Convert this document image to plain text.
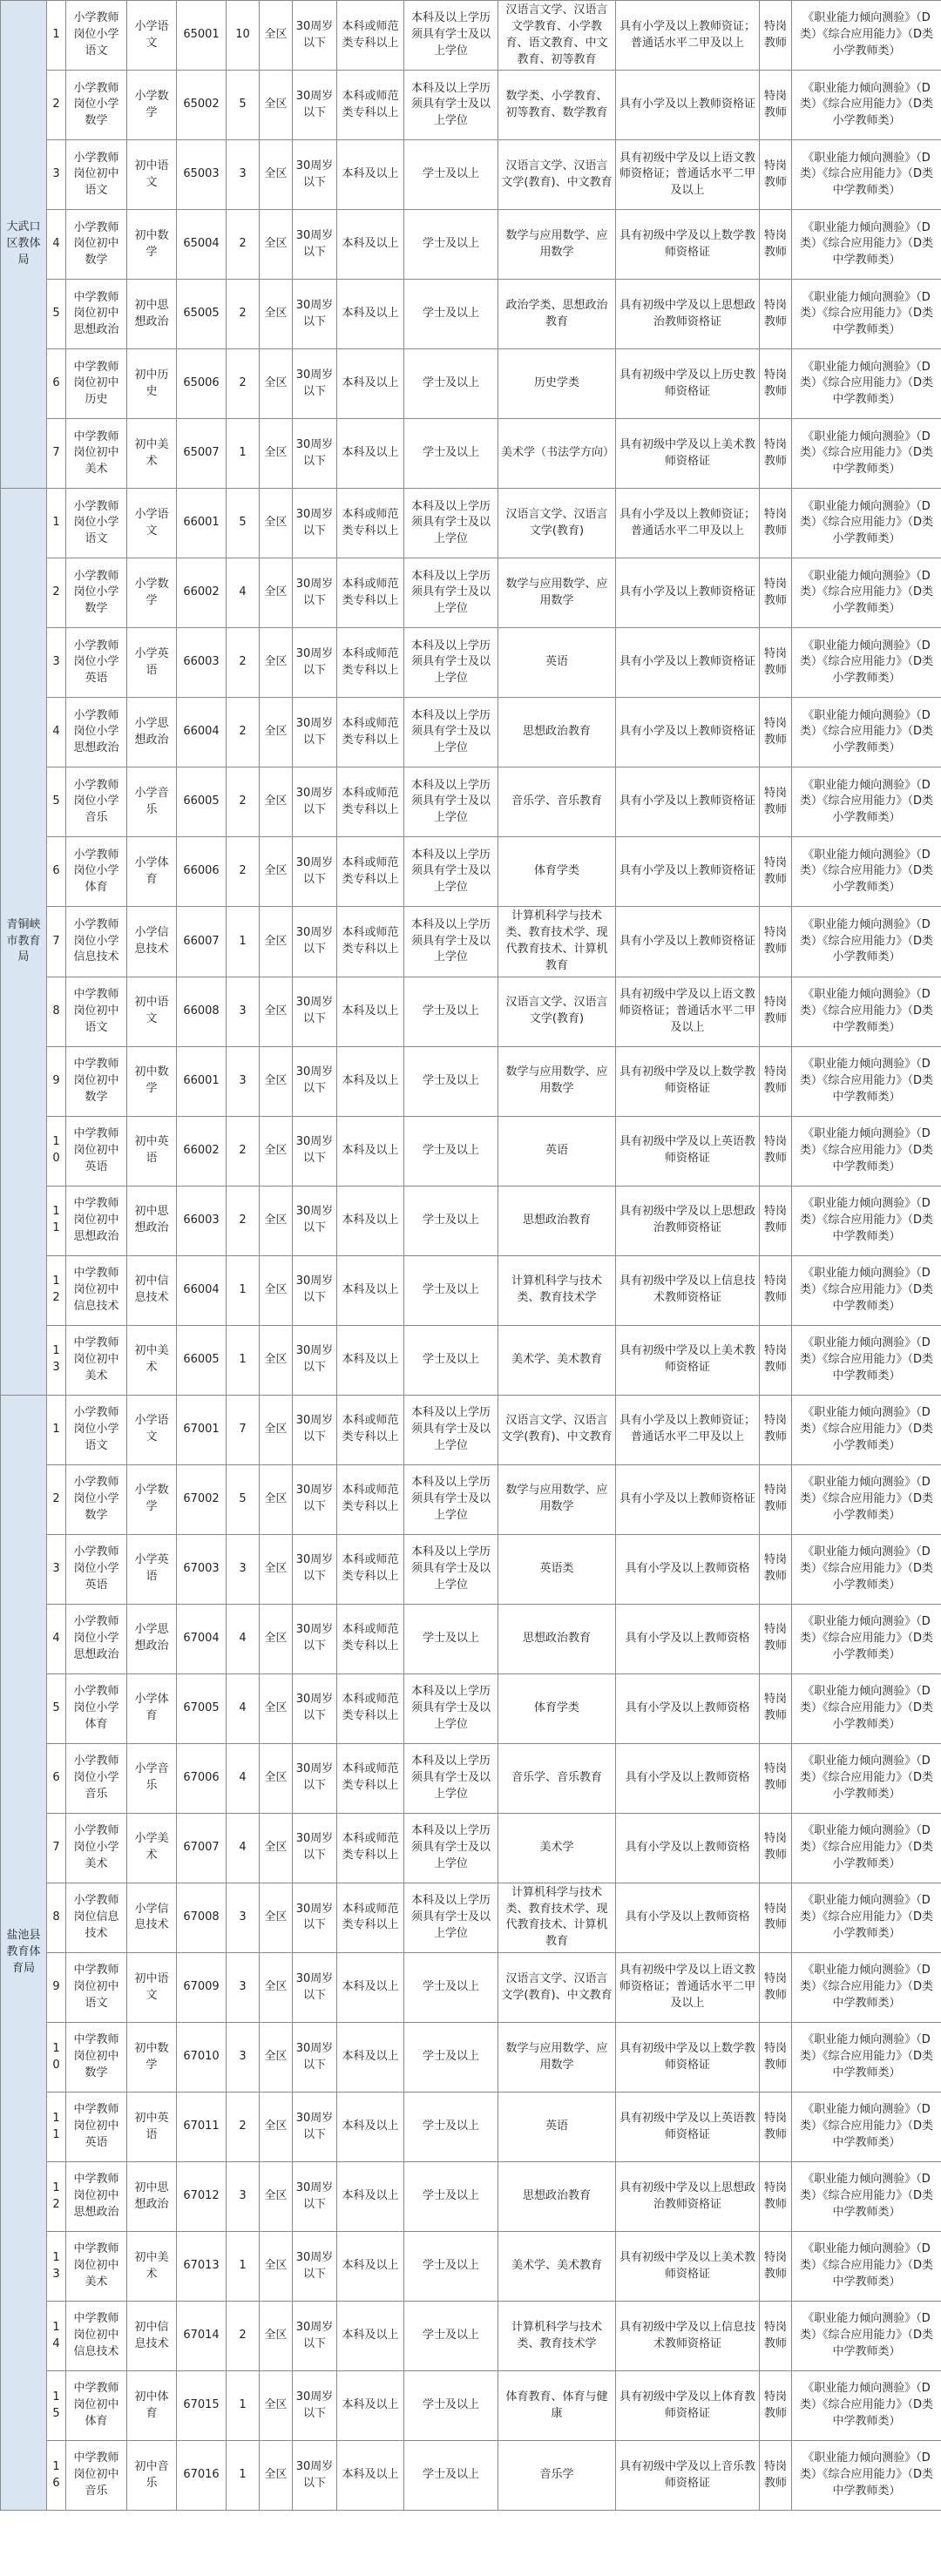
大武口区教体局	1	小学教师岗位小学语文	小学语文	65001	10	全区	30周岁以下	本科或师范类专科以上	本科及以上学历须具有学士及以上学位	汉语言文学、汉语言文学教育、小学教育、语文教育、中文教育、初等教育	具有小学及以上教师资证；普通话水平二甲及以上	特岗教师	《职业能力倾向测验》（D类）《综合应用能力》（D类小学教师类）
	2	小学教师岗位小学数学	小学数学	65002	5	全区	30周岁以下	本科或师范类专科以上	本科及以上学历须具有学士及以上学位	数学类、小学教育、初等教育、数学教育	具有小学及以上教师资格证	特岗教师	《职业能力倾向测验》（D类）《综合应用能力》（D类小学教师类）
	3	小学教师岗位初中语文	初中语文	65003	3	全区	30周岁以下	本科及以上	学士及以上	汉语言文学、汉语言文学(教育)、中文教育	具有初级中学及以上语文教师资格证；普通话水平二甲及以上	特岗教师	《职业能力倾向测验》（D类）《综合应用能力》（D类中学教师类）
	4	小学教师岗位初中数学	初中数学	65004	2	全区	30周岁以下	本科及以上	学士及以上	数学与应用数学、应用数学	具有初级中学及以上数学教师资格证	特岗教师	《职业能力倾向测验》（D类）《综合应用能力》（D类中学教师类）
	5	中学教师岗位初中思想政治	初中思想政治	65005	2	全区	30周岁以下	本科及以上	学士及以上	政治学类、思想政治教育	具有初级中学及以上思想政治教师资格证	特岗教师	《职业能力倾向测验》（D类）《综合应用能力》（D类中学教师类）
	6	中学教师岗位初中历史	初中历史	65006	2	全区	30周岁以下	本科及以上	学士及以上	历史学类	具有初级中学及以上历史教师资格证	特岗教师	《职业能力倾向测验》（D类）《综合应用能力》（D类中学教师类）
	7	中学教师岗位初中美术	初中美术	65007	1	全区	30周岁以下	本科及以上	学士及以上	美术学（书法学方向）	具有初级中学及以上美术教师资格证	特岗教师	《职业能力倾向测验》（D类）《综合应用能力》（D类中学教师类）
青铜峡市教育局	1	小学教师岗位小学语文	小学语文	66001	5	全区	30周岁以下	本科或师范类专科以上	本科及以上学历须具有学士及以上学位	汉语言文学、汉语言文学(教育)	具有小学及以上教师资证；普通话水平二甲及以上	特岗教师	《职业能力倾向测验》（D类）《综合应用能力》（D类小学教师类）
	2	小学教师岗位小学数学	小学数学	66002	4	全区	30周岁以下	本科或师范类专科以上	本科及以上学历须具有学士及以上学位	数学与应用数学、应用数学	具有小学及以上教师资格证	特岗教师	《职业能力倾向测验》（D类）《综合应用能力》（D类小学教师类）
	3	小学教师岗位小学英语	小学英语	66003	2	全区	30周岁以下	本科或师范类专科以上	本科及以上学历须具有学士及以上学位	英语	具有小学及以上教师资格证	特岗教师	《职业能力倾向测验》（D类）《综合应用能力》（D类小学教师类）
	4	小学教师岗位小学思想政治	小学思想政治	66004	2	全区	30周岁以下	本科或师范类专科以上	本科及以上学历须具有学士及以上学位	思想政治教育	具有小学及以上教师资格证	特岗教师	《职业能力倾向测验》（D类）《综合应用能力》（D类小学教师类）
	5	小学教师岗位小学音乐	小学音乐	66005	2	全区	30周岁以下	本科或师范类专科以上	本科及以上学历须具有学士及以上学位	音乐学、音乐教育	具有小学及以上教师资格证	特岗教师	《职业能力倾向测验》（D类）《综合应用能力》（D类小学教师类）
	6	小学教师岗位小学体育	小学体育	66006	2	全区	30周岁以下	本科或师范类专科以上	本科及以上学历须具有学士及以上学位	体育学类	具有小学及以上教师资格证	特岗教师	《职业能力倾向测验》（D类）《综合应用能力》（D类小学教师类）
	7	小学教师岗位小学信息技术	小学信息技术	66007	1	全区	30周岁以下	本科或师范类专科以上	本科及以上学历须具有学士及以上学位	计算机科学与技术类、教育技术学、现代教育技术、计算机教育	具有小学及以上教师资格证	特岗教师	《职业能力倾向测验》（D类）《综合应用能力》（D类小学教师类）
	8	中学教师岗位初中语文	初中语文	66008	3	全区	30周岁以下	本科及以上	学士及以上	汉语言文学、汉语言文学(教育)	具有初级中学及以上语文教师资格证；普通话水平二甲及以上	特岗教师	《职业能力倾向测验》（D类）《综合应用能力》（D类中学教师类）
	9	中学教师岗位初中数学	初中数学	66001	3	全区	30周岁以下	本科及以上	学士及以上	数学与应用数学、应用数学	具有初级中学及以上数学教师资格证	特岗教师	《职业能力倾向测验》（D类）《综合应用能力》（D类中学教师类）
	10	中学教师岗位初中英语	初中英语	66002	2	全区	30周岁以下	本科及以上	学士及以上	英语	具有初级中学及以上英语教师资格证	特岗教师	《职业能力倾向测验》（D类）《综合应用能力》（D类中学教师类）
	11	中学教师岗位初中思想政治	初中思想政治	66003	2	全区	30周岁以下	本科及以上	学士及以上	思想政治教育	具有初级中学及以上思想政治教师资格证	特岗教师	《职业能力倾向测验》（D类）《综合应用能力》（D类中学教师类）
	12	中学教师岗位初中信息技术	初中信息技术	66004	1	全区	30周岁以下	本科及以上	学士及以上	计算机科学与技术类、教育技术学	具有初级中学及以上信息技术教师资格证	特岗教师	《职业能力倾向测验》（D类）《综合应用能力》（D类中学教师类）
	13	中学教师岗位初中美术	初中美术	66005	1	全区	30周岁以下	本科及以上	学士及以上	美术学、美术教育	具有初级中学及以上美术教师资格证	特岗教师	《职业能力倾向测验》（D类）《综合应用能力》（D类中学教师类）
盐池县教育体育局	1	小学教师岗位小学语文	小学语文	67001	7	全区	30周岁以下	本科或师范类专科以上	本科及以上学历须具有学士及以上学位	汉语言文学、汉语言文学(教育)、中文教育	具有小学及以上教师资证；普通话水平二甲及以上	特岗教师	《职业能力倾向测验》（D类）《综合应用能力》（D类小学教师类）
	2	小学教师岗位小学数学	小学数学	67002	5	全区	30周岁以下	本科或师范类专科以上	本科及以上学历须具有学士及以上学位	数学与应用数学、应用数学	具有小学及以上教师资格证	特岗教师	《职业能力倾向测验》（D类）《综合应用能力》（D类小学教师类）
	3	小学教师岗位小学英语	小学英语	67003	3	全区	30周岁以下	本科或师范类专科以上	本科及以上学历须具有学士及以上学位	英语类	具有小学及以上教师资格	特岗教师	《职业能力倾向测验》（D类）《综合应用能力》（D类小学教师类）
	4	小学教师岗位小学思想政治	小学思想政治	67004	4	全区	30周岁以下	本科或师范类专科以上	学士及以上	思想政治教育	具有小学及以上教师资格	特岗教师	《职业能力倾向测验》（D类）《综合应用能力》（D类小学教师类）
	5	小学教师岗位小学体育	小学体育	67005	4	全区	30周岁以下	本科或师范类专科以上	本科及以上学历须具有学士及以上学位	体育学类	具有小学及以上教师资格	特岗教师	《职业能力倾向测验》（D类）《综合应用能力》（D类小学教师类）
	6	小学教师岗位小学音乐	小学音乐	67006	4	全区	30周岁以下	本科或师范类专科以上	本科及以上学历须具有学士及以上学位	音乐学、音乐教育	具有小学及以上教师资格	特岗教师	《职业能力倾向测验》（D类）《综合应用能力》（D类小学教师类）
	7	小学教师岗位小学美术	小学美术	67007	4	全区	30周岁以下	本科或师范类专科以上	本科及以上学历须具有学士及以上学位	美术学	具有小学及以上教师资格	特岗教师	《职业能力倾向测验》（D类）《综合应用能力》（D类小学教师类）
	8	小学教师岗位信息技术	小学信息技术	67008	3	全区	30周岁以下	本科或师范类专科以上	本科及以上学历须具有学士及以上学位	计算机科学与技术类、教育技术学、现代教育技术、计算机教育	具有小学及以上教师资格	特岗教师	《职业能力倾向测验》（D类）《综合应用能力》（D类小学教师类）
	9	中学教师岗位初中语文	初中语文	67009	3	全区	30周岁以下	本科及以上	学士及以上	汉语言文学、汉语言文学(教育)、中文教育	具有初级中学及以上语文教师资格证；普通话水平二甲及以上	特岗教师	《职业能力倾向测验》（D类）《综合应用能力》（D类中学教师类）
	10	中学教师岗位初中数学	初中数学	67010	3	全区	30周岁以下	本科及以上	学士及以上	数学与应用数学、应用数学	具有初级中学及以上数学教师资格证	特岗教师	《职业能力倾向测验》（D类）《综合应用能力》（D类中学教师类）
	11	中学教师岗位初中英语	初中英语	67011	2	全区	30周岁以下	本科及以上	学士及以上	英语	具有初级中学及以上英语教师资格证	特岗教师	《职业能力倾向测验》（D类）《综合应用能力》（D类中学教师类）
	12	中学教师岗位初中思想政治	初中思想政治	67012	3	全区	30周岁以下	本科及以上	学士及以上	思想政治教育	具有初级中学及以上思想政治教师资格证	特岗教师	《职业能力倾向测验》（D类）《综合应用能力》（D类中学教师类）
	13	中学教师岗位初中美术	初中美术	67013	1	全区	30周岁以下	本科及以上	学士及以上	美术学、美术教育	具有初级中学及以上美术教师资格证	特岗教师	《职业能力倾向测验》（D类）《综合应用能力》（D类中学教师类）
	14	中学教师岗位初中信息技术	初中信息技术	67014	2	全区	30周岁以下	本科及以上	学士及以上	计算机科学与技术类、教育技术学	具有初级中学及以上信息技术教师资格证	特岗教师	《职业能力倾向测验》（D类）《综合应用能力》（D类中学教师类）
	15	中学教师岗位初中体育	初中体育	67015	1	全区	30周岁以下	本科及以上	学士及以上	体育教育、体育与健康	具有初级中学及以上体育教师资格证	特岗教师	《职业能力倾向测验》（D类）《综合应用能力》（D类中学教师类）
	16	中学教师岗位初中音乐	初中音乐	67016	1	全区	30周岁以下	本科及以上	学士及以上	音乐学	具有初级中学及以上音乐教师资格证	特岗教师	《职业能力倾向测验》（D类）《综合应用能力》（D类中学教师类）
